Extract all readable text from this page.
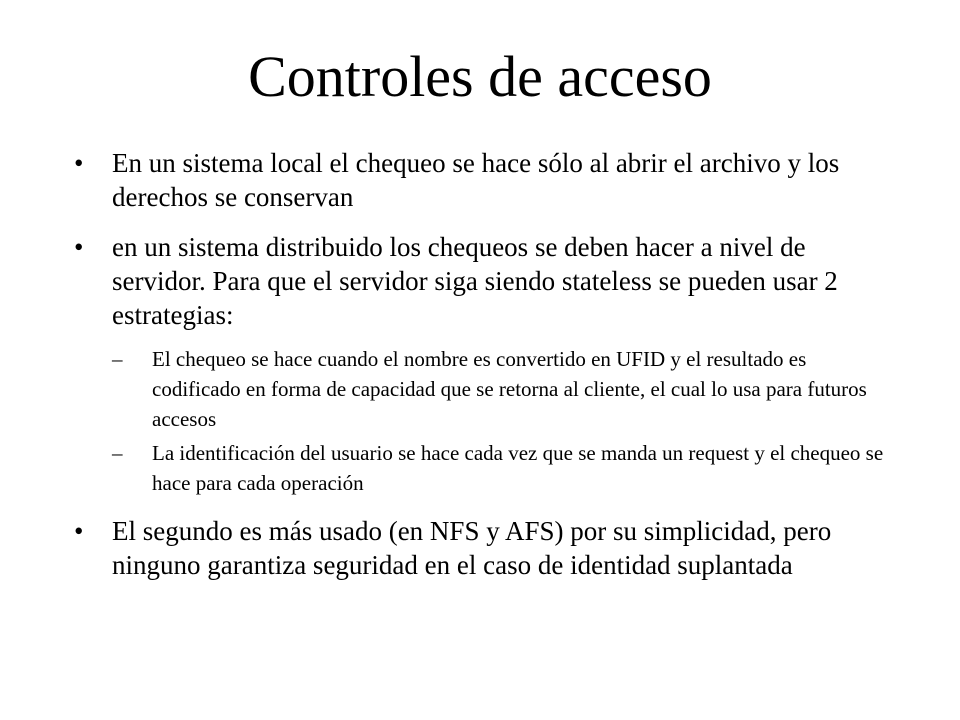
Controles de acceso
• En un sistema local el chequeo se hace sólo al abrir el archivo y los derechos se conservan
• en un sistema distribuido los chequeos se deben hacer a nivel de servidor. Para que el servidor siga siendo stateless se pueden usar 2 estrategias:
– El chequeo se hace cuando el nombre es convertido en UFID y el resultado es codificado en forma de capacidad que se retorna al cliente, el cual lo usa para futuros accesos
– La identificación del usuario se hace cada vez que se manda un request y el chequeo se hace para cada operación
• El segundo es más usado (en NFS y AFS) por su simplicidad, pero ninguno garantiza seguridad en el caso de identidad suplantada
